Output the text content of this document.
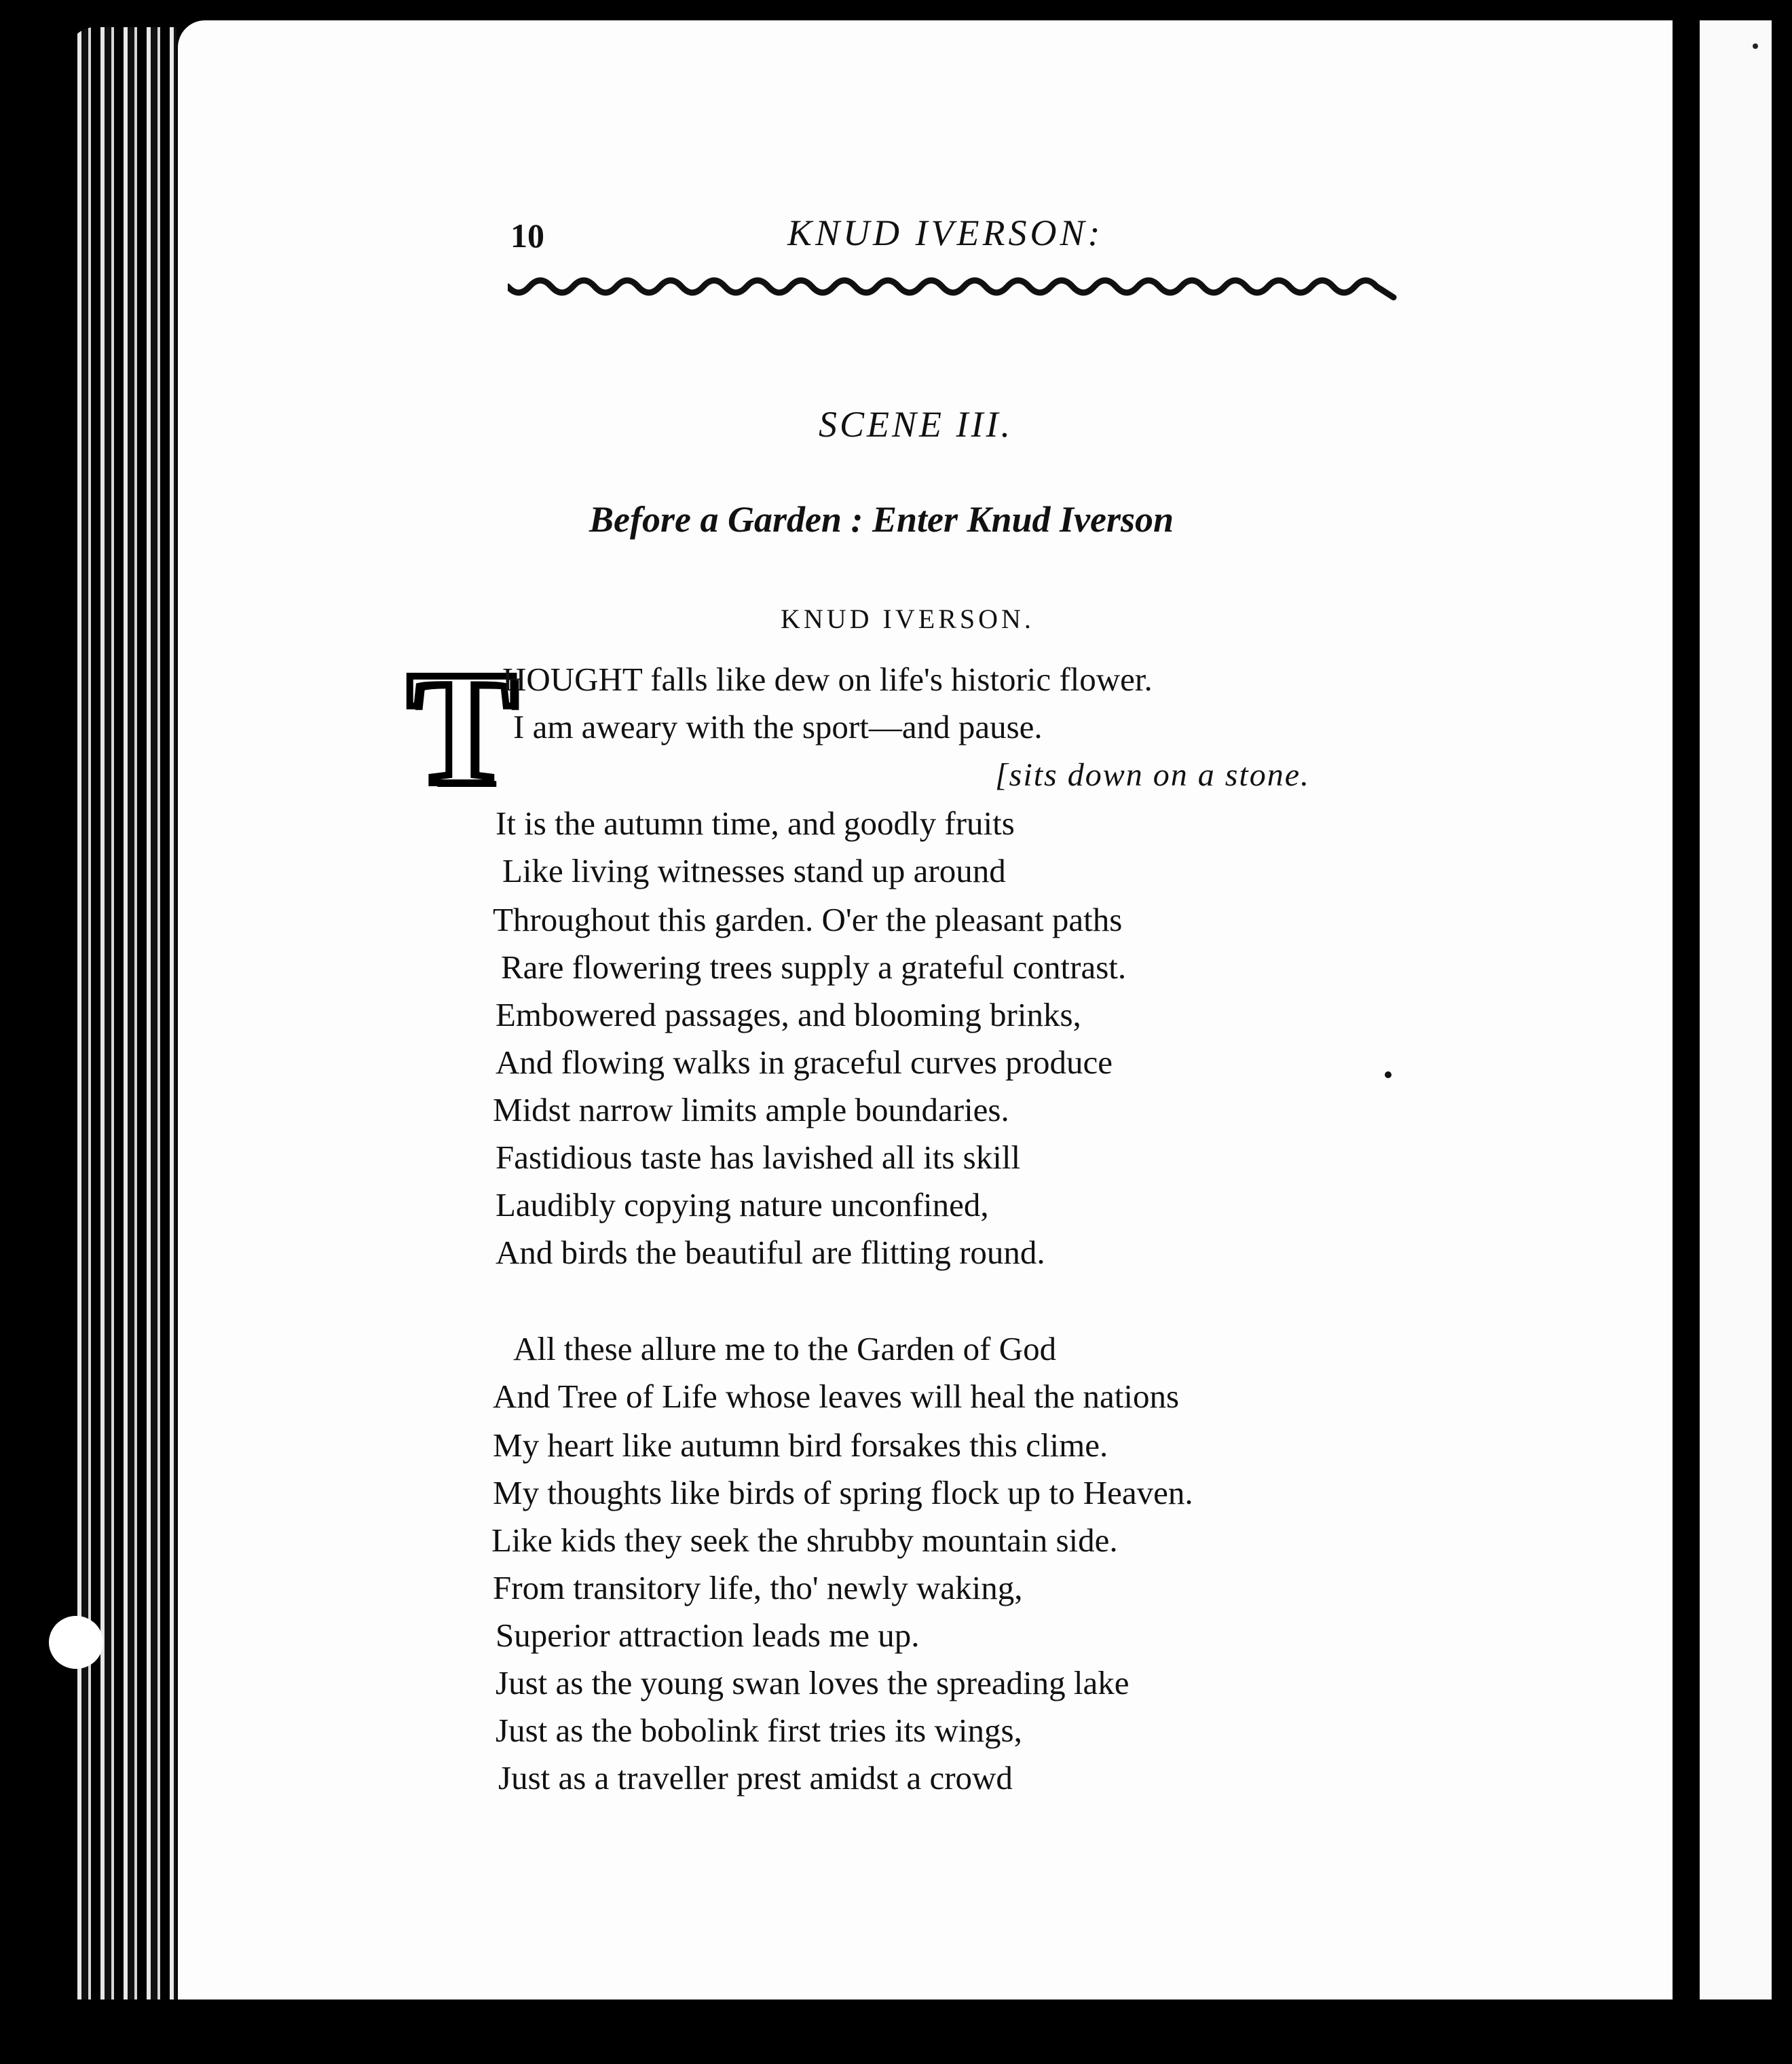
10	KNUD IVERSON:
SCENE III.
Before a Garden : Enter Knud Iverson
KNUD IVERSON.
T
HOUGHT falls like dew on life's historic flower.
I am aweary with the sport—and pause.
[sits down on a stone.
It is the autumn time, and goodly fruits
Like living witnesses stand up around
Throughout this garden. O'er the pleasant paths
Rare flowering trees supply a grateful contrast.
Embowered passages, and blooming brinks,
And flowing walks in graceful curves produce
Midst narrow limits ample boundaries.
Fastidious taste has lavished all its skill
Laudibly copying nature unconfined,
And birds the beautiful are flitting round.
All these allure me to the Garden of God
And Tree of Life whose leaves will heal the nations
My heart like autumn bird forsakes this clime.
My thoughts like birds of spring flock up to Heaven.
Like kids they seek the shrubby mountain side.
From transitory life, tho' newly waking,
Superior attraction leads me up.
Just as the young swan loves the spreading lake
Just as the bobolink first tries its wings,
Just as a traveller prest amidst a crowd
